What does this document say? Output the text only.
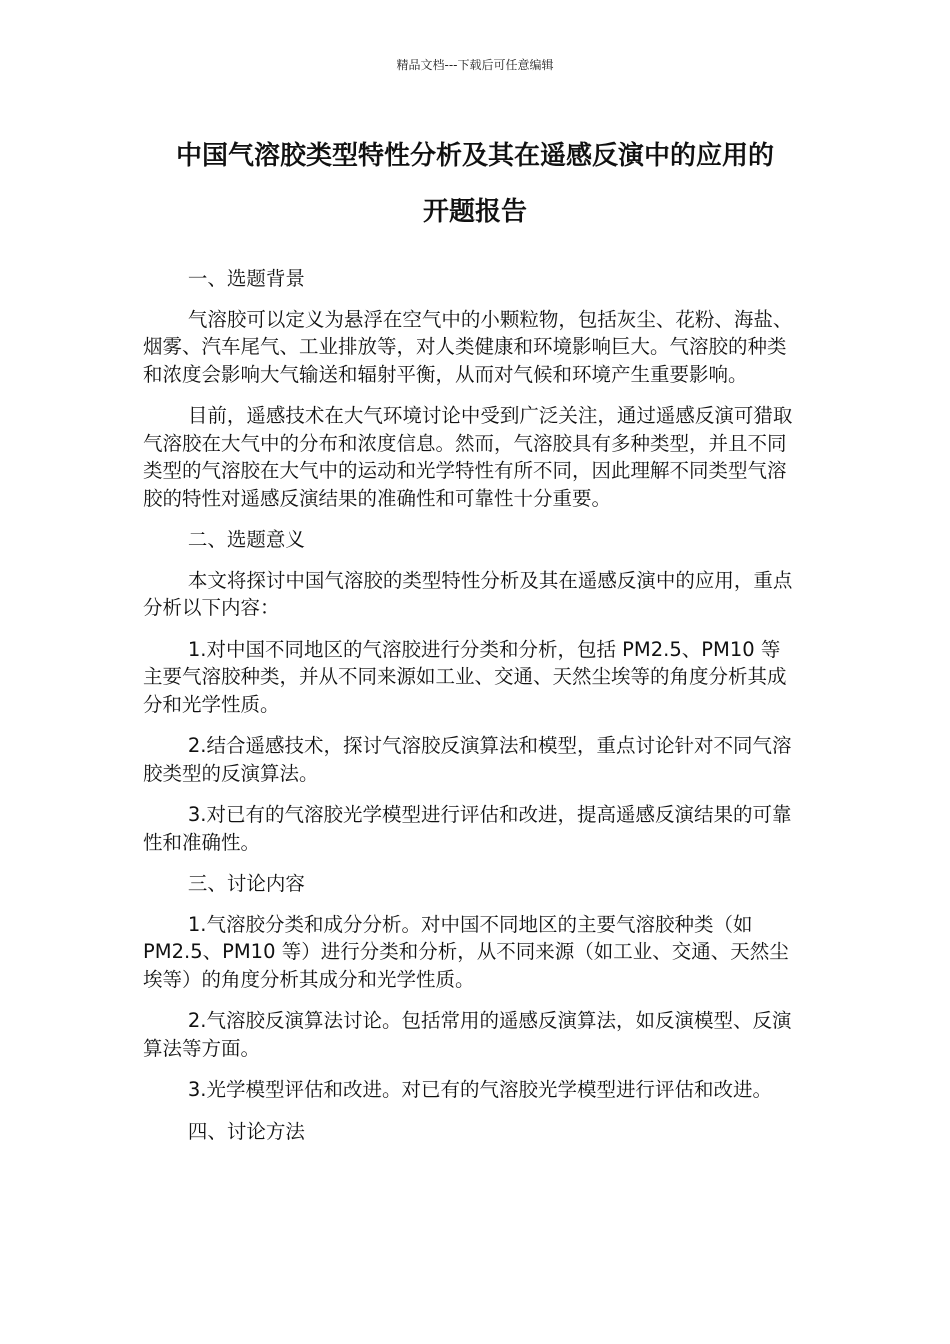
精品文档---下载后可任意编辑
中国气溶胶类型特性分析及其在遥感反演中的应用的
开题报告

一、选题背景

气溶胶可以定义为悬浮在空气中的小颗粒物，包括灰尘、花粉、海盐、烟雾、汽车尾气、工业排放等，对人类健康和环境影响巨大。气溶胶的种类和浓度会影响大气输送和辐射平衡，从而对气候和环境产生重要影响。

目前，遥感技术在大气环境讨论中受到广泛关注，通过遥感反演可猎取气溶胶在大气中的分布和浓度信息。然而，气溶胶具有多种类型，并且不同类型的气溶胶在大气中的运动和光学特性有所不同，因此理解不同类型气溶胶的特性对遥感反演结果的准确性和可靠性十分重要。

二、选题意义

本文将探讨中国气溶胶的类型特性分析及其在遥感反演中的应用，重点分析以下内容：

1.对中国不同地区的气溶胶进行分类和分析，包括 PM2.5、PM10 等主要气溶胶种类，并从不同来源如工业、交通、天然尘埃等的角度分析其成分和光学性质。

2.结合遥感技术，探讨气溶胶反演算法和模型，重点讨论针对不同气溶胶类型的反演算法。

3.对已有的气溶胶光学模型进行评估和改进，提高遥感反演结果的可靠性和准确性。

三、讨论内容

1.气溶胶分类和成分分析。对中国不同地区的主要气溶胶种类（如 PM2.5、PM10 等）进行分类和分析，从不同来源（如工业、交通、天然尘埃等）的角度分析其成分和光学性质。

2.气溶胶反演算法讨论。包括常用的遥感反演算法，如反演模型、反演算法等方面。

3.光学模型评估和改进。对已有的气溶胶光学模型进行评估和改进。

四、讨论方法
